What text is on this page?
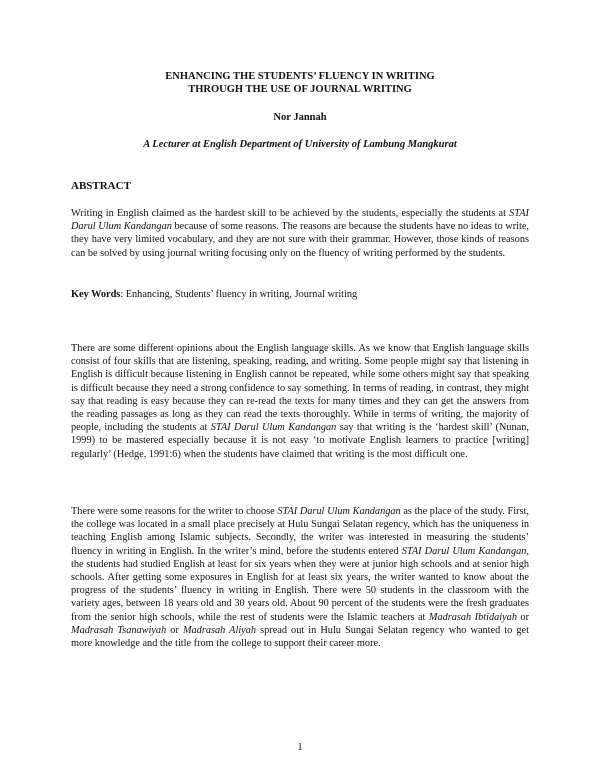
ENHANCING THE STUDENTS’ FLUENCY IN WRITING
THROUGH THE USE OF JOURNAL WRITING
Nor Jannah
A Lecturer at English Department of University of Lambung Mangkurat
ABSTRACT
Writing in English claimed as the hardest skill to be achieved by the students, especially the students at STAI Darul Ulum Kandangan because of some reasons. The reasons are because the students have no ideas to write, they have very limited vocabulary, and they are not sure with their grammar. However, those kinds of reasons can be solved by using journal writing focusing only on the fluency of writing performed by the students.
Key Words: Enhancing, Students’ fluency in writing, Journal writing
There are some different opinions about the English language skills. As we know that English language skills consist of four skills that are listening, speaking, reading, and writing. Some people might say that listening in English is difficult because listening in English cannot be repeated, while some others might say that speaking is difficult because they need a strong confidence to say something. In terms of reading, in contrast, they might say that reading is easy because they can re-read the texts for many times and they can get the answers from the reading passages as long as they can read the texts thoroughly. While in terms of writing, the majority of people, including the students at STAI Darul Ulum Kandangan say that writing is the ‘hardest skill’ (Nunan, 1999) to be mastered especially because it is not easy ‘to motivate English learners to practice [writing] regularly’ (Hedge, 1991:6) when the students have claimed that writing is the most difficult one.
There were some reasons for the writer to choose STAI Darul Ulum Kandangan as the place of the study. First, the college was located in a small place precisely at Hulu Sungai Selatan regency, which has the uniqueness in teaching English among Islamic subjects. Secondly, the writer was interested in measuring the students’ fluency in writing in English. In the writer’s mind, before the students entered STAI Darul Ulum Kandangan, the students had studied English at least for six years when they were at junior high schools and at senior high schools. After getting some exposures in English for at least six years, the writer wanted to know about the progress of the students’ fluency in writing in English. There were 50 students in the classroom with the variety ages, between 18 years old and 30 years old. About 90 percent of the students were the fresh graduates from the senior high schools, while the rest of students were the Islamic teachers at Madrasah Ibtidaiyah or Madrasah Tsanawiyah or Madrasah Aliyah spread out in Hulu Sungai Selatan regency who wanted to get more knowledge and the title from the college to support their career more.
1
